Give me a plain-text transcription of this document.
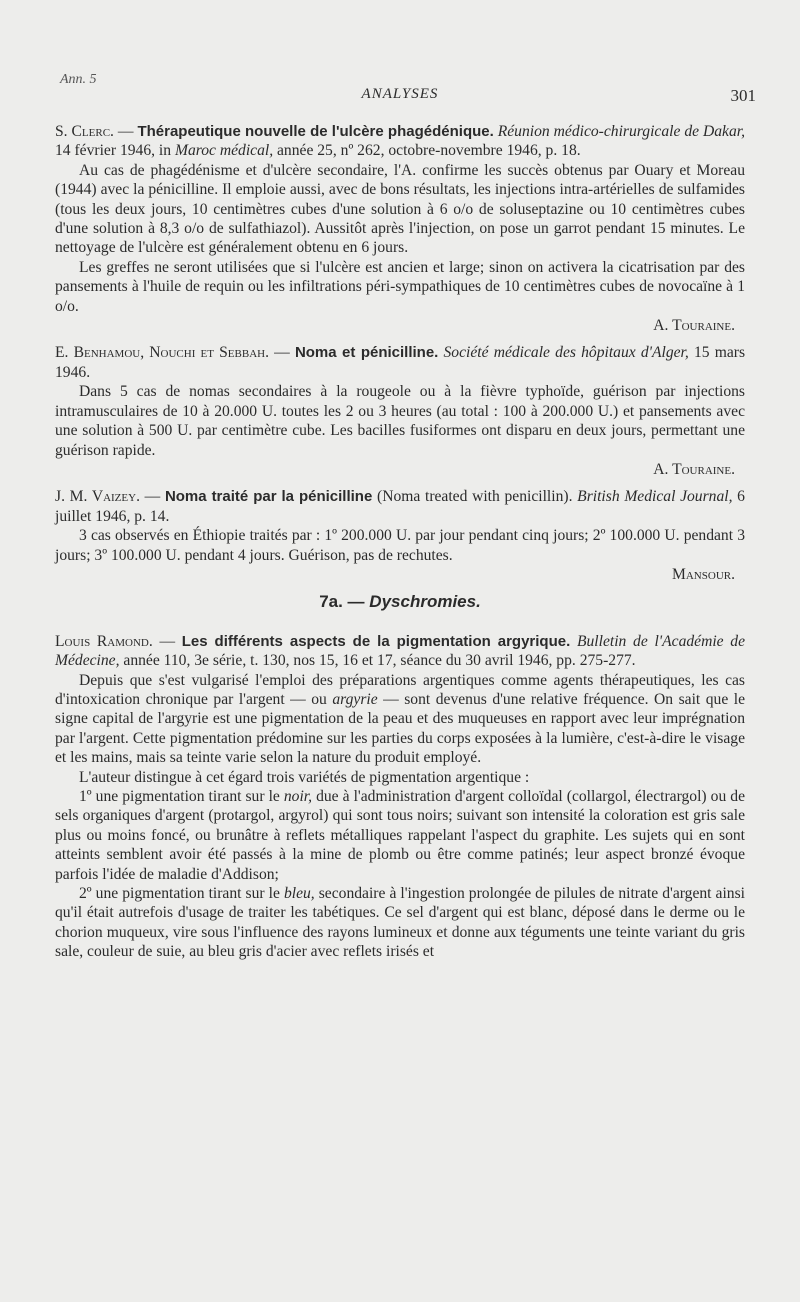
Ann. 5
ANALYSES	301

S. Clerc. — Thérapeutique nouvelle de l'ulcère phagédénique. Réunion médico-chirurgicale de Dakar, 14 février 1946, in Maroc médical, année 25, nº 262, octobre-novembre 1946, p. 18.

Au cas de phagédénisme et d'ulcère secondaire, l'A. confirme les succès obtenus par Ouary et Moreau (1944) avec la pénicilline. Il emploie aussi, avec de bons résultats, les injections intra-artérielles de sulfamides (tous les deux jours, 10 centimètres cubes d'une solution à 6 o/o de soluseptazine ou 10 centimètres cubes d'une solution à 8,3 o/o de sulfathiazol). Aussitôt après l'injection, on pose un garrot pendant 15 minutes. Le nettoyage de l'ulcère est généralement obtenu en 6 jours.

Les greffes ne seront utilisées que si l'ulcère est ancien et large; sinon on activera la cicatrisation par des pansements à l'huile de requin ou les infiltrations péri-sympathiques de 10 centimètres cubes de novocaïne à 1 o/o.

A. Touraine.

E. Benhamou, Nouchi et Sebbah. — Noma et pénicilline. Société médicale des hôpitaux d'Alger, 15 mars 1946.

Dans 5 cas de nomas secondaires à la rougeole ou à la fièvre typhoïde, guérison par injections intramusculaires de 10 à 20.000 U. toutes les 2 ou 3 heures (au total : 100 à 200.000 U.) et pansements avec une solution à 500 U. par centimètre cube. Les bacilles fusiformes ont disparu en deux jours, permettant une guérison rapide.

A. Touraine.

J. M. Vaizey. — Noma traité par la pénicilline (Noma treated with penicillin). British Medical Journal, 6 juillet 1946, p. 14.

3 cas observés en Éthiopie traités par : 1º 200.000 U. par jour pendant cinq jours; 2º 100.000 U. pendant 3 jours; 3º 100.000 U. pendant 4 jours. Guérison, pas de rechutes.

Mansour.

7a. — Dyschromies.

Louis Ramond. — Les différents aspects de la pigmentation argyrique. Bulletin de l'Académie de Médecine, année 110, 3e série, t. 130, nos 15, 16 et 17, séance du 30 avril 1946, pp. 275-277.

Depuis que s'est vulgarisé l'emploi des préparations argentiques comme agents thérapeutiques, les cas d'intoxication chronique par l'argent — ou argyrie — sont devenus d'une relative fréquence. On sait que le signe capital de l'argyrie est une pigmentation de la peau et des muqueuses en rapport avec leur imprégnation par l'argent. Cette pigmentation prédomine sur les parties du corps exposées à la lumière, c'est-à-dire le visage et les mains, mais sa teinte varie selon la nature du produit employé.

L'auteur distingue à cet égard trois variétés de pigmentation argentique :

1º une pigmentation tirant sur le noir, due à l'administration d'argent colloïdal (collargol, électrargol) ou de sels organiques d'argent (protargol, argyrol) qui sont tous noirs; suivant son intensité la coloration est gris sale plus ou moins foncé, ou brunâtre à reflets métalliques rappelant l'aspect du graphite. Les sujets qui en sont atteints semblent avoir été passés à la mine de plomb ou être comme patinés; leur aspect bronzé évoque parfois l'idée de maladie d'Addison;

2º une pigmentation tirant sur le bleu, secondaire à l'ingestion prolongée de pilules de nitrate d'argent ainsi qu'il était autrefois d'usage de traiter les tabétiques. Ce sel d'argent qui est blanc, déposé dans le derme ou le chorion muqueux, vire sous l'influence des rayons lumineux et donne aux téguments une teinte variant du gris sale, couleur de suie, au bleu gris d'acier avec reflets irisés et
